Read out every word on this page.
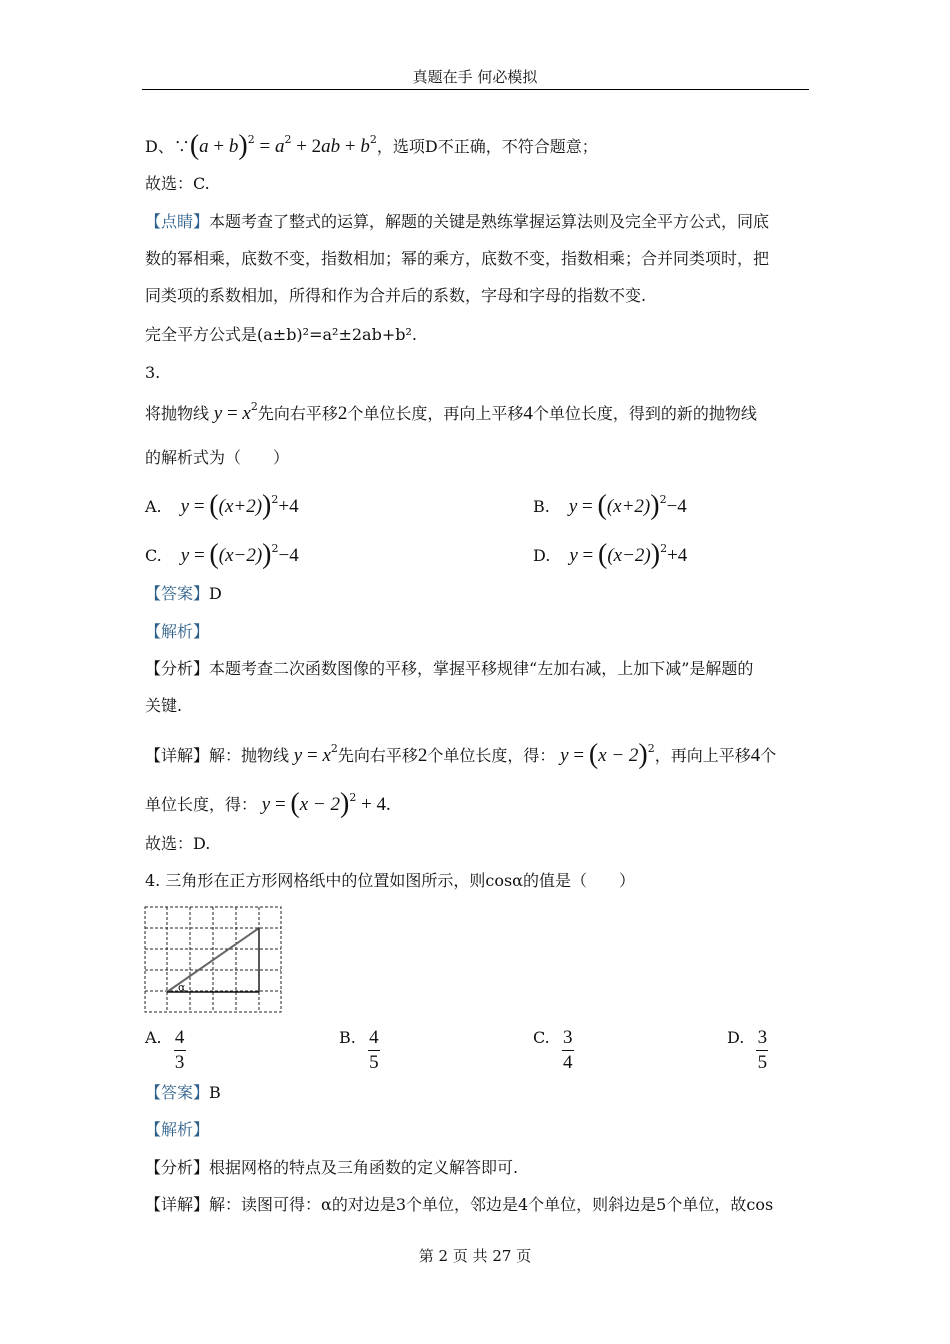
真题在手 何必模拟
D、∵(a + $b)^2 = a^2 + 2ab + b^2$，选项D不正确，不符合题意；
故选：C.
【点睛】本题考查了整式的运算，解题的关键是熟练掌握运算法则及完全平方公式，同底
数的幂相乘，底数不变，指数相加；幂的乘方，底数不变，指数相乘；合并同类项时，把
同类项的系数相加，所得和作为合并后的系数，字母和字母的指数不变.
完全平方公式是(a±b)²=a²±2ab+b².
3.
将抛物线 $y = x^2$先向右平移2个单位长度，再向上平移4个单位长度，得到的新的抛物线
的解析式为（　　）
A.　$y = ((x+2))^2+4$	B.　$y = ((x+2))^2-4$
C.　$y = ((x-2))^2-4$	D.　$y = ((x-2))^2+4$
【答案】D
【解析】
【分析】本题考查二次函数图像的平移，掌握平移规律“左加右减，上加下减”是解题的
关键.
【详解】解：抛物线 $y = x^2$先向右平移2个单位长度，得： $y = (x - 2)^2$，再向上平移4个
单位长度，得： $y = (x - 2)^2 + 4$.
故选：D.
4. 三角形在正方形网格纸中的位置如图所示，则cosα的值是（　　）
α
A. $\frac{4}{3}$	B. $\frac{4}{5}$	C. $\frac{3}{4}$	D. $\frac{3}{5}$
【答案】B
【解析】
【分析】根据网格的特点及三角函数的定义解答即可.
【详解】解：读图可得：α的对边是3个单位，邻边是4个单位，则斜边是5个单位，故cos
第 2 页 共 27 页
